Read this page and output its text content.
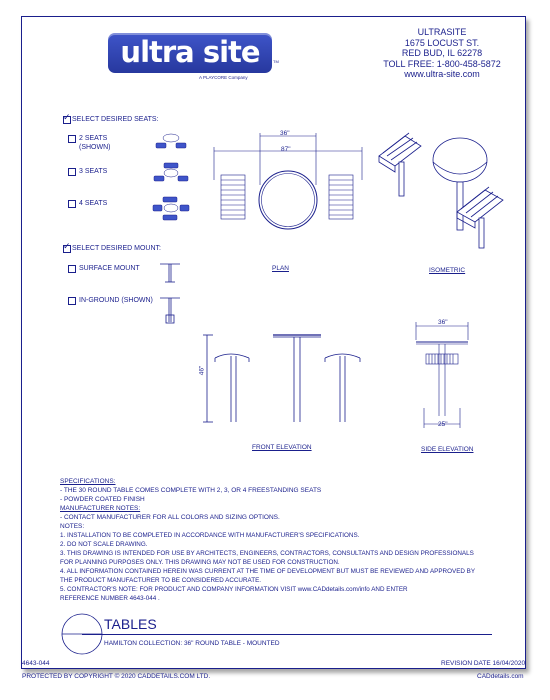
ultra site	TM
A PLAYCORE Company
ULTRASITE
1675 LOCUST ST.
RED BUD, IL 62278
TOLL FREE: 1-800-458-5872
www.ultra-site.com
✓ SELECT DESIRED SEATS:
2 SEATS
(SHOWN)
3 SEATS
4 SEATS
✓ SELECT DESIRED MOUNT:
SURFACE MOUNT
IN-GROUND (SHOWN)
36"
87"
PLAN	ISOMETRIC
46"
FRONT ELEVATION
36"
25"
SIDE ELEVATION
SPECIFICATIONS:
- THE 30 ROUND TABLE COMES COMPLETE WITH 2, 3, OR 4 FREESTANDING SEATS
- POWDER COATED FINISH
MANUFACTURER NOTES:
- CONTACT MANUFACTURER FOR ALL COLORS AND SIZING OPTIONS.
NOTES:
1. INSTALLATION TO BE COMPLETED IN ACCORDANCE WITH MANUFACTURER'S SPECIFICATIONS.
2. DO NOT SCALE DRAWING.
3. THIS DRAWING IS INTENDED FOR USE BY ARCHITECTS, ENGINEERS, CONTRACTORS, CONSULTANTS AND DESIGN PROFESSIONALS
FOR PLANNING PURPOSES ONLY. THIS DRAWING MAY NOT BE USED FOR CONSTRUCTION.
4. ALL INFORMATION CONTAINED HEREIN WAS CURRENT AT THE TIME OF DEVELOPMENT BUT MUST BE REVIEWED AND APPROVED BY
THE PRODUCT MANUFACTURER TO BE CONSIDERED ACCURATE.
5. CONTRACTOR'S NOTE: FOR PRODUCT AND COMPANY INFORMATION VISIT www.CADdetails.com/info AND ENTER
REFERENCE NUMBER 4643-044 .
TABLES
HAMILTON COLLECTION: 36" ROUND TABLE - MOUNTED
4643-044	REVISION DATE 16/04/2020
PROTECTED BY COPYRIGHT © 2020 CADDETAILS.COM LTD.	CADdetails.com
